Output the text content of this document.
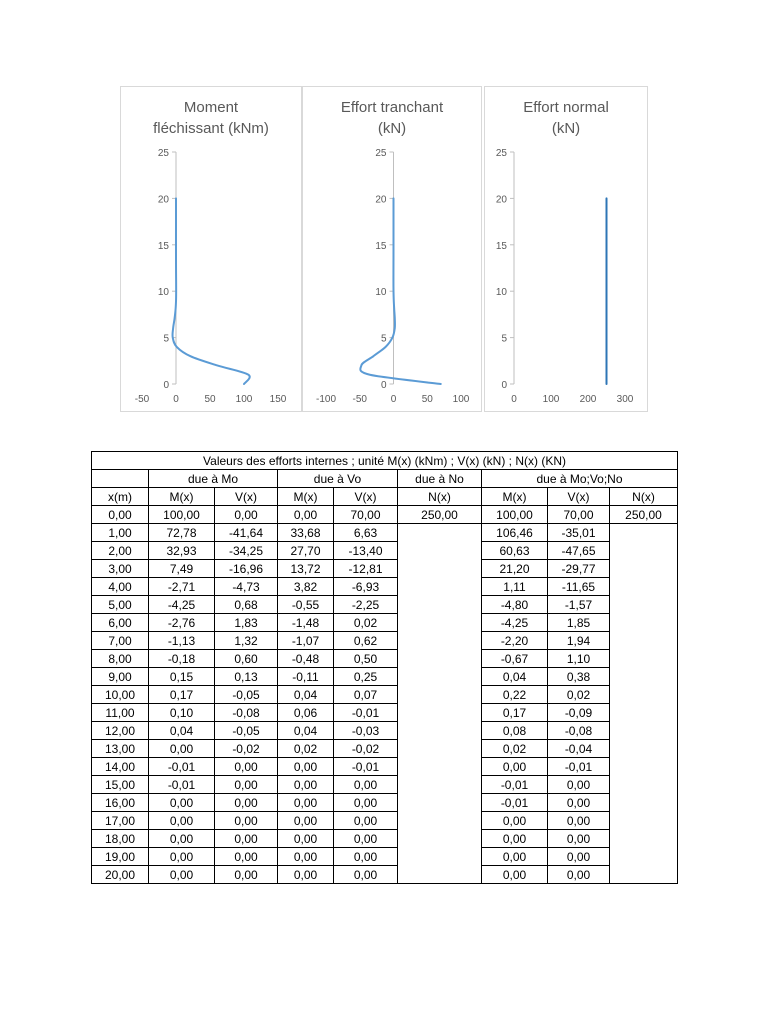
Moment
fléchissant (kNm)
0
5
10
15
20
25
-50 0	50 100 150
Effort tranchant
(kN)
0
5
10
15
20
25
-100 -50 0	50 100
Effort normal
(kN)
0
5
10
15
20
25
0	100 200 300
Valeurs des efforts internes ; unité M(x) (kNm) ; V(x) (kN) ; N(x) (KN)								
	due à Mo		due à Vo		due à No	due à Mo;Vo;No		
x(m)	M(x)	V(x)	M(x)	V(x)	N(x)	M(x)	V(x)	N(x)
0,00	100,00	0,00	0,00	70,00	250,00	100,00	70,00	250,00
1,00	72,78	-41,64	33,68	6,63		106,46	-35,01	
2,00	32,93	-34,25	27,70	-13,40		60,63	-47,65	
3,00	7,49	-16,96	13,72	-12,81		21,20	-29,77	
4,00	-2,71	-4,73	3,82	-6,93		1,11	-11,65	
5,00	-4,25	0,68	-0,55	-2,25		-4,80	-1,57	
6,00	-2,76	1,83	-1,48	0,02		-4,25	1,85	
7,00	-1,13	1,32	-1,07	0,62		-2,20	1,94	
8,00	-0,18	0,60	-0,48	0,50		-0,67	1,10	
9,00	0,15	0,13	-0,11	0,25		0,04	0,38	
10,00	0,17	-0,05	0,04	0,07		0,22	0,02	
11,00	0,10	-0,08	0,06	-0,01		0,17	-0,09	
12,00	0,04	-0,05	0,04	-0,03		0,08	-0,08	
13,00	0,00	-0,02	0,02	-0,02		0,02	-0,04	
14,00	-0,01	0,00	0,00	-0,01		0,00	-0,01	
15,00	-0,01	0,00	0,00	0,00		-0,01	0,00	
16,00	0,00	0,00	0,00	0,00		-0,01	0,00	
17,00	0,00	0,00	0,00	0,00		0,00	0,00	
18,00	0,00	0,00	0,00	0,00		0,00	0,00	
19,00	0,00	0,00	0,00	0,00		0,00	0,00	
20,00	0,00	0,00	0,00	0,00		0,00	0,00	
